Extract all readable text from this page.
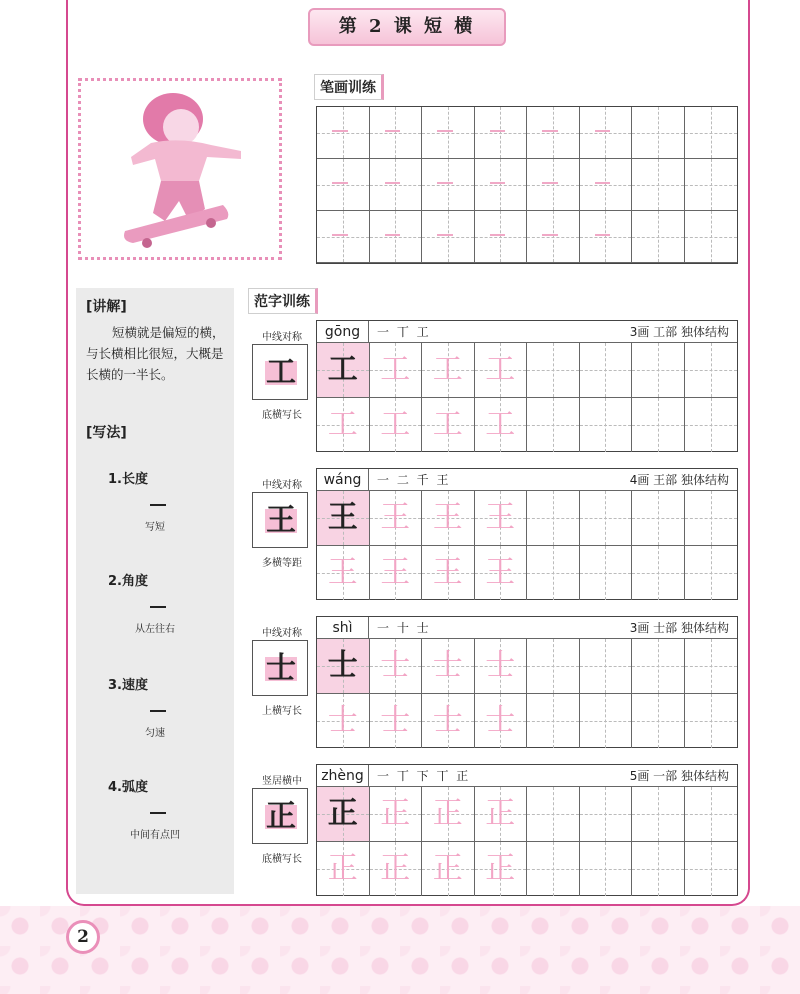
2
第 2 课 短 横
笔画训练
[讲解]
短横就是偏短的横，与长横相比很短，大概是长横的一半长。
[写法]
1.长度
写短
2.角度
从左往右
3.速度
匀速
4.弧度
中间有点凹
范字训练
中线对称
工
底横写长
gōng	一 丅 工	3画 工部 独体结构
工 工 工 工
工 工 工 工
中线对称
王
多横等距
wáng	一 二 千 王	4画 王部 独体结构
王 王 王 王
王 王 王 王
中线对称
士
上横写长
shì	一 十 士	3画 士部 独体结构
士 士 士 士
士 士 士 士
竖居横中
正
底横写长
zhèng	一 丅 下 丅 正	5画 一部 独体结构
正 正 正 正
正 正 正 正
